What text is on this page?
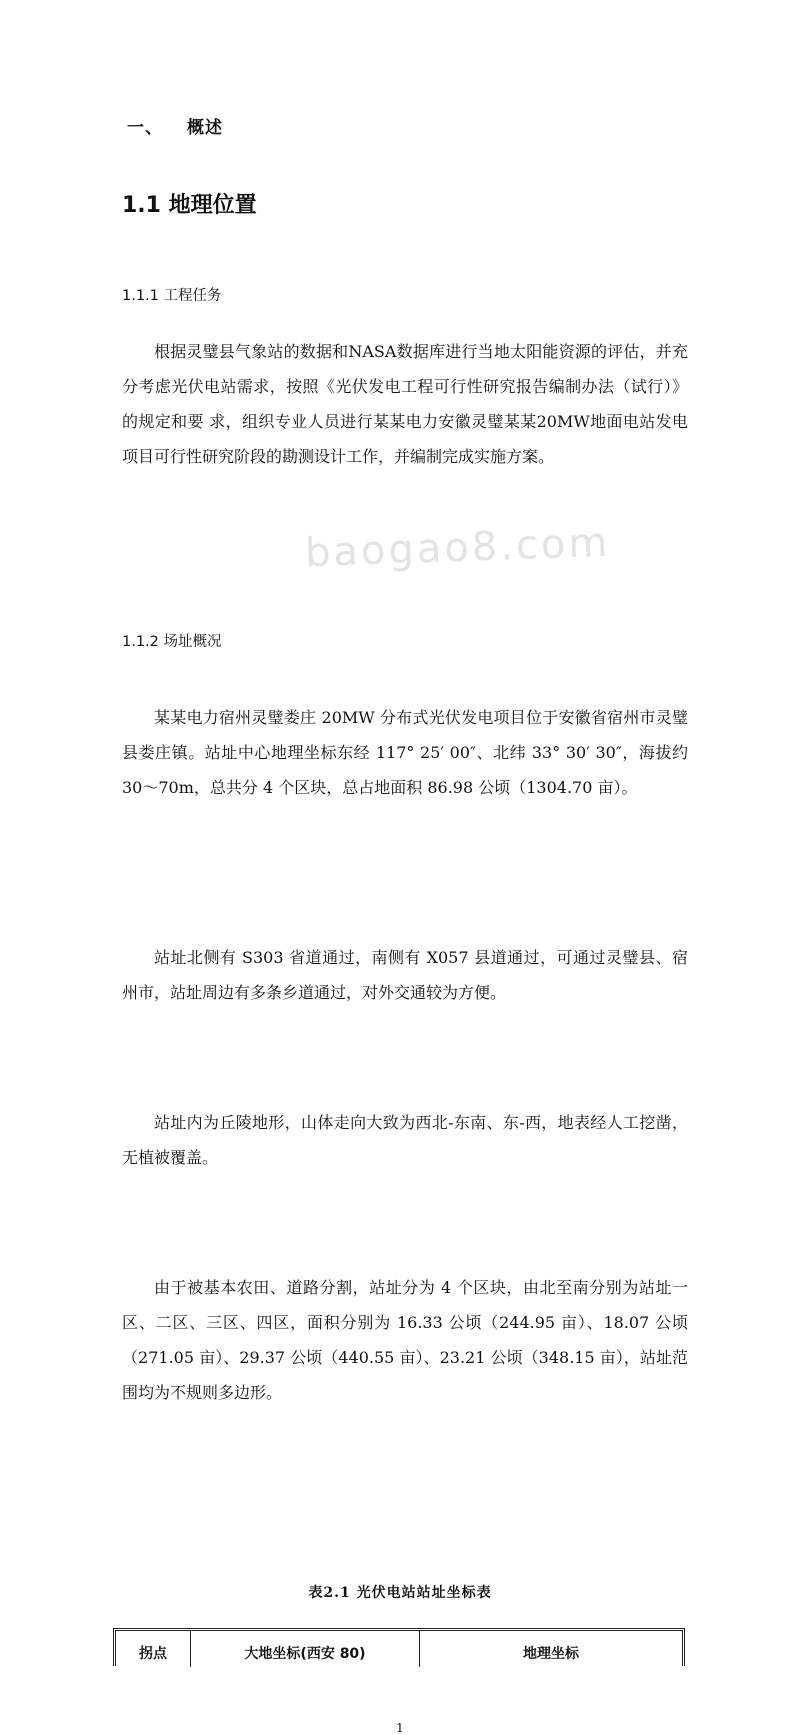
baogao8.com
一、 概述
1.1 地理位置
1.1.1 工程任务

根据灵璧县气象站的数据和NASA数据库进行当地太阳能资源的评估，并充分考虑光伏电站需求，按照《光伏发电工程可行性研究报告编制办法（试行）》的规定和要 求，组织专业人员进行某某电力安徽灵璧某某20MW地面电站发电项目可行性研究阶段的勘测设计工作，并编制完成实施方案。

1.1.2 场址概况

某某电力宿州灵璧娄庄 20MW 分布式光伏发电项目位于安徽省宿州市灵璧县娄庄镇。站址中心地理坐标东经 117° 25′ 00″、北纬 33° 30′ 30″，海拔约 30～70m，总共分 4 个区块，总占地面积 86.98 公顷（1304.70 亩）。

站址北侧有 S303 省道通过，南侧有 X057 县道通过，可通过灵璧县、宿州市，站址周边有多条乡道通过，对外交通较为方便。

站址内为丘陵地形，山体走向大致为西北-东南、东-西，地表经人工挖凿，无植被覆盖。

由于被基本农田、道路分割，站址分为 4 个区块，由北至南分别为站址一区、二区、三区、四区，面积分别为 16.33 公顷（244.95 亩）、18.07 公顷（271.05 亩）、29.37 公顷（440.55 亩）、23.21 公顷（348.15 亩），站址范围均为不规则多边形。

表2.1 光伏电站站址坐标表
拐点	大地坐标(西安 80)	地理坐标
1
